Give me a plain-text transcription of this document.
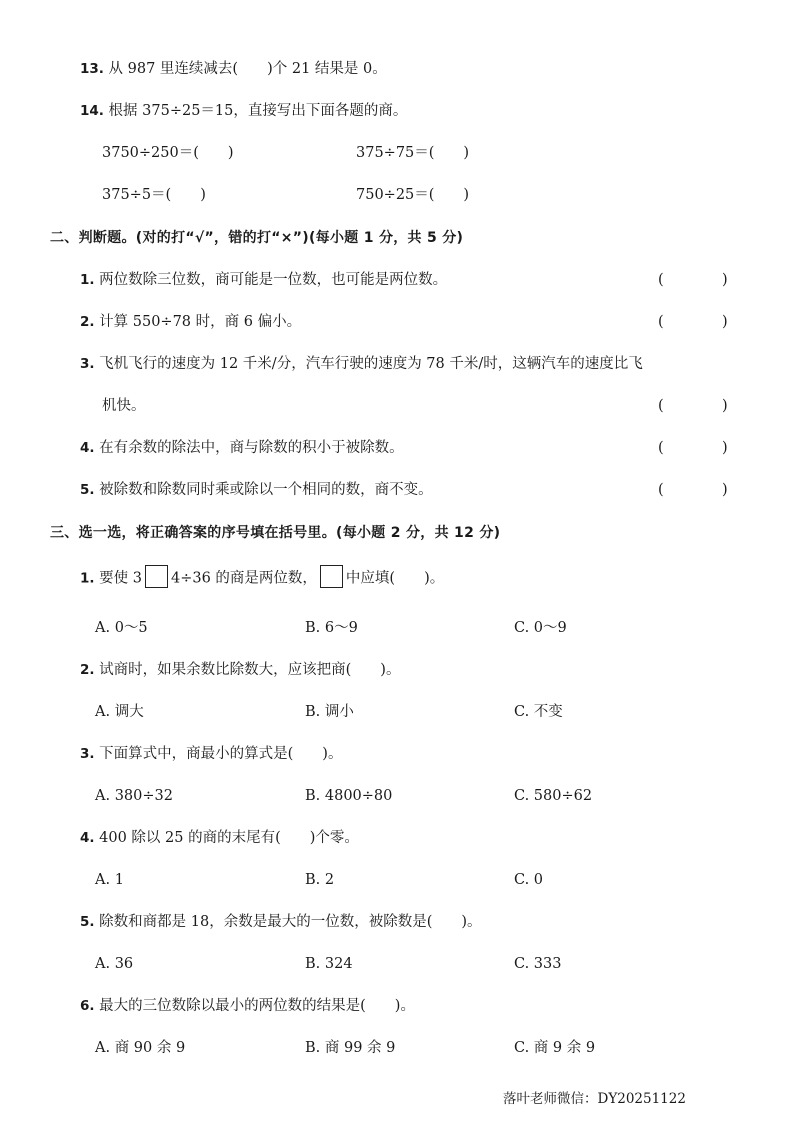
13. 从 987 里连续减去(　　)个 21 结果是 0。
14. 根据 375÷25＝15，直接写出下面各题的商。
3750÷250＝(　　)	375÷75＝(　　)
375÷5＝(　　)	750÷25＝(　　)
二、判断题。(对的打“√”，错的打“×”)(每小题 1 分，共 5 分)
1. 两位数除三位数，商可能是一位数，也可能是两位数。	(	)
2. 计算 550÷78 时，商 6 偏小。	(	)
3. 飞机飞行的速度为 12 千米/分，汽车行驶的速度为 78 千米/时，这辆汽车的速度比飞
机快。	(	)
4. 在有余数的除法中，商与除数的积小于被除数。	(	)
5. 被除数和除数同时乘或除以一个相同的数，商不变。	(	)
三、选一选，将正确答案的序号填在括号里。(每小题 2 分，共 12 分)
1. 要使 3 4÷36 的商是两位数， 中应填(　　)。
A. 0～5	B. 6～9	C. 0～9
2. 试商时，如果余数比除数大，应该把商(　　)。
A. 调大	B. 调小	C. 不变
3. 下面算式中，商最小的算式是(　　)。
A. 380÷32	B. 4800÷80	C. 580÷62
4. 400 除以 25 的商的末尾有(　　)个零。
A. 1	B. 2	C. 0
5. 除数和商都是 18，余数是最大的一位数，被除数是(　　)。
A. 36	B. 324	C. 333
6. 最大的三位数除以最小的两位数的结果是(　　)。
A. 商 90 余 9	B. 商 99 余 9	C. 商 9 余 9
落叶老师微信：DY20251122
